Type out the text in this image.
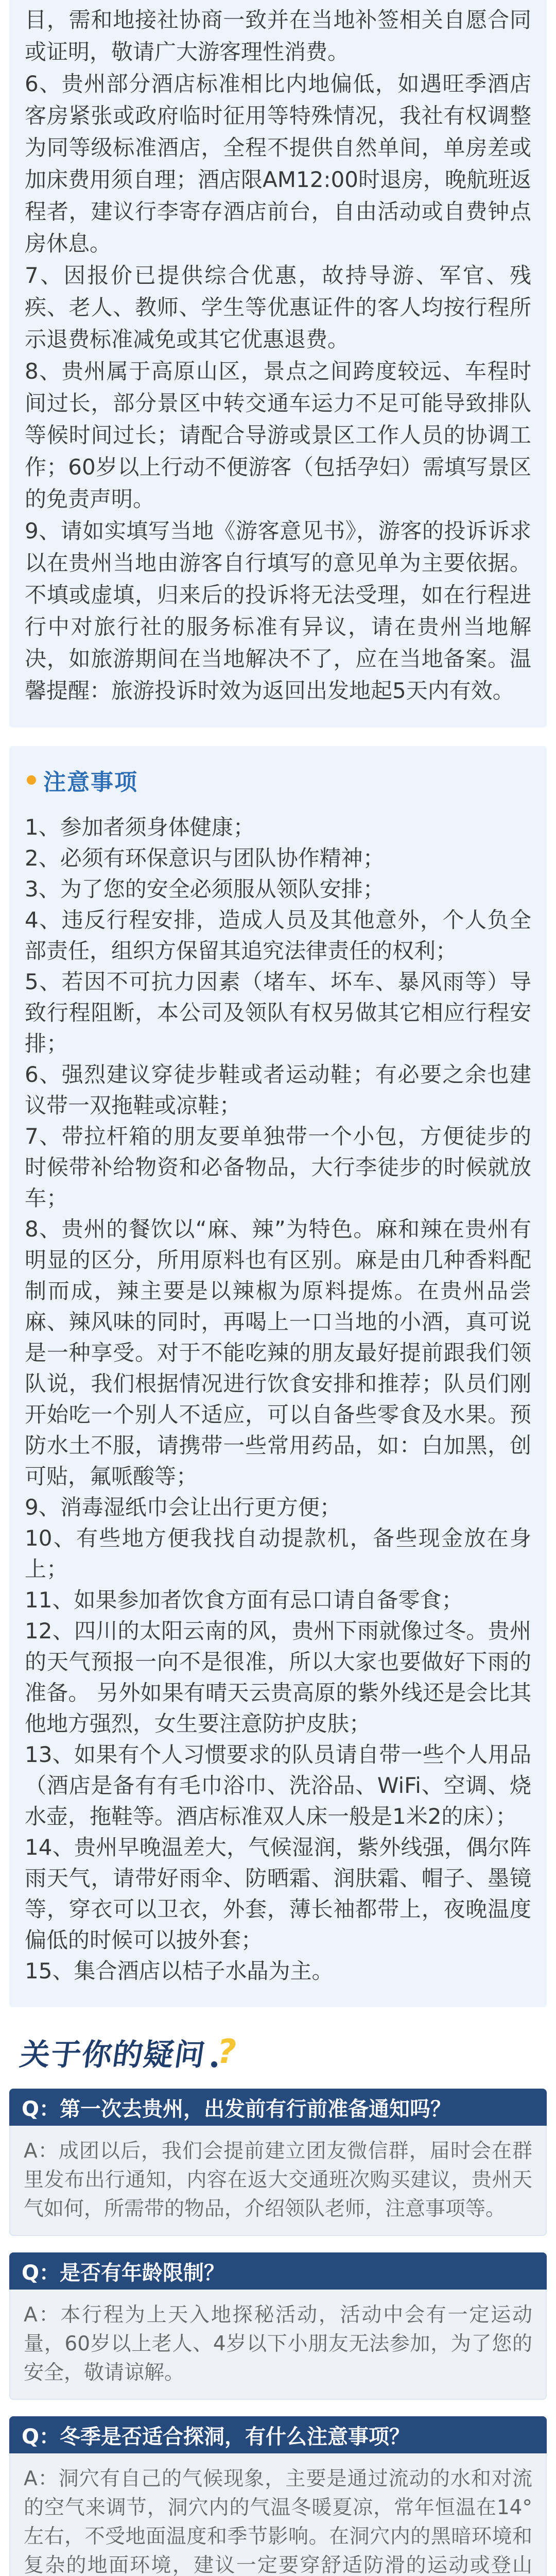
目，需和地接社协商一致并在当地补签相关自愿合同或证明，敬请广大游客理性消费。

6、贵州部分酒店标准相比内地偏低，如遇旺季酒店客房紧张或政府临时征用等特殊情况，我社有权调整为同等级标准酒店，全程不提供自然单间，单房差或加床费用须自理；酒店限AM12:00时退房，晚航班返程者，建议行李寄存酒店前台，自由活动或自费钟点房休息。

7、因报价已提供综合优惠，故持导游、军官、残疾、老人、教师、学生等优惠证件的客人均按行程所示退费标准减免或其它优惠退费。

8、贵州属于高原山区，景点之间跨度较远、车程时间过长，部分景区中转交通车运力不足可能导致排队等候时间过长；请配合导游或景区工作人员的协调工作；60岁以上行动不便游客（包括孕妇）需填写景区的免责声明。

9、请如实填写当地《游客意见书》，游客的投诉诉求以在贵州当地由游客自行填写的意见单为主要依据。不填或虚填，归来后的投诉将无法受理，如在行程进行中对旅行社的服务标准有异议，请在贵州当地解决，如旅游期间在当地解决不了，应在当地备案。温馨提醒：旅游投诉时效为返回出发地起5天内有效。

注意事项

1、参加者须身体健康；

2、必须有环保意识与团队协作精神；

3、为了您的安全必须服从领队安排；

4、违反行程安排，造成人员及其他意外，个人负全部责任，组织方保留其追究法律责任的权利；

5、若因不可抗力因素（堵车、坏车、暴风雨等）导致行程阻断，本公司及领队有权另做其它相应行程安排；

6、强烈建议穿徒步鞋或者运动鞋；有必要之余也建议带一双拖鞋或凉鞋；

7、带拉杆箱的朋友要单独带一个小包，方便徒步的时候带补给物资和必备物品，大行李徒步的时候就放车；

8、贵州的餐饮以“麻、辣”为特色。麻和辣在贵州有明显的区分，所用原料也有区别。麻是由几种香料配制而成，辣主要是以辣椒为原料提炼。在贵州品尝麻、辣风味的同时，再喝上一口当地的小酒，真可说是一种享受。对于不能吃辣的朋友最好提前跟我们领队说，我们根据情况进行饮食安排和推荐；队员们刚开始吃一个别人不适应，可以自备些零食及水果。预防水土不服，请携带一些常用药品，如：白加黑，创可贴，氟哌酸等；

9、消毒湿纸巾会让出行更方便；

10、有些地方便我找自动提款机，备些现金放在身上；

11、如果参加者饮食方面有忌口请自备零食；

12、四川的太阳云南的风，贵州下雨就像过冬。贵州的天气预报一向不是很准，所以大家也要做好下雨的准备。 另外如果有晴天云贵高原的紫外线还是会比其他地方强烈，女生要注意防护皮肤；

13、如果有个人习惯要求的队员请自带一些个人用品（酒店是备有有毛巾浴巾、洗浴品、WiFi、空调、烧水壶，拖鞋等。酒店标准双人床一般是1米2的床）；

14、贵州早晚温差大，气候湿润，紫外线强，偶尔阵雨天气，请带好雨伞、防晒霜、润肤霜、帽子、墨镜等，穿衣可以卫衣，外套，薄长袖都带上，夜晚温度偏低的时候可以披外套；

15、集合酒店以桔子水晶为主。

关于你的疑问
?
Q：第一次去贵州，出发前有行前准备通知吗？

A：成团以后，我们会提前建立团友微信群，届时会在群里发布出行通知，内容在返大交通班次购买建议，贵州天气如何，所需带的物品，介绍领队老师，注意事项等。

Q：是否有年龄限制？

A：本行程为上天入地探秘活动，活动中会有一定运动量，60岁以上老人、4岁以下小朋友无法参加，为了您的安全，敬请谅解。

Q：冬季是否适合探洞，有什么注意事项？

A：洞穴有自己的气候现象，主要是通过流动的水和对流的空气来调节，洞穴内的气温冬暖夏凉，常年恒温在14°左右，不受地面温度和季节影响。在洞穴内的黑暗环境和复杂的地面环境，建议一定要穿舒适防滑的运动或登山
